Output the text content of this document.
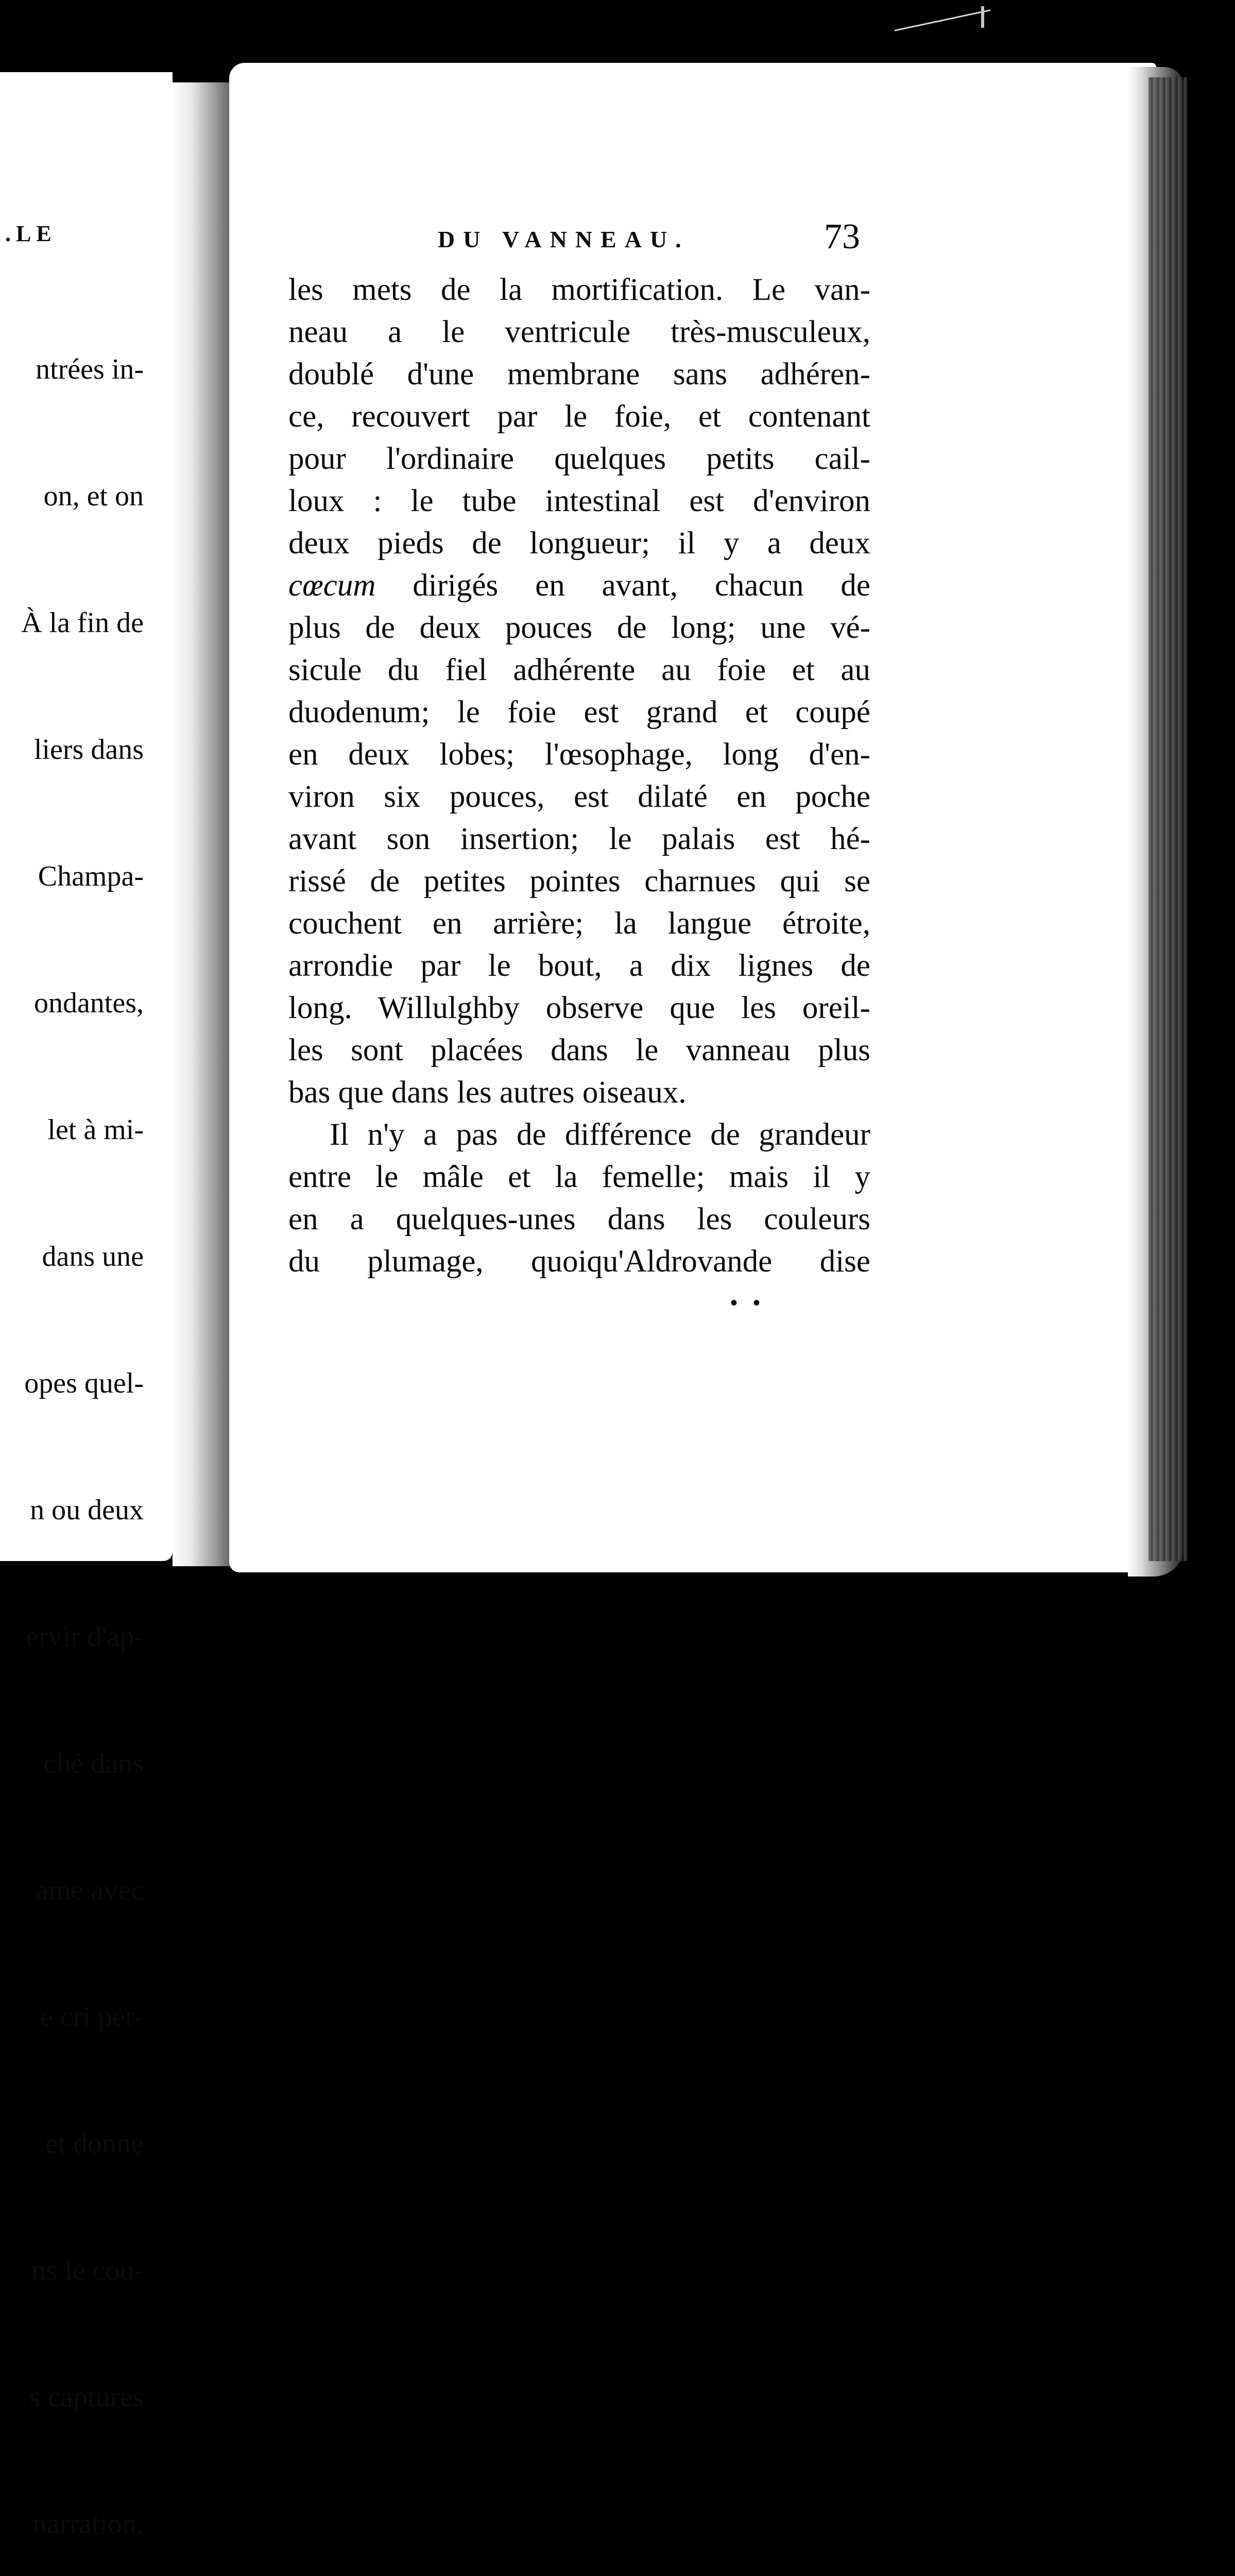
.LE

ntrées in-

on, et on

À la fin de

liers dans

Champa-

ondantes,

let à mi-

dans une

opes quel-

n ou deux

ervir d'ap-

ché dans

ame avec

e cri per-

et donne

ns le cou-

s captures

narration,

DU VANNEAU.	73
les mets de la mortification. Le van-
neau a le ventricule très-musculeux,
doublé d'une membrane sans adhéren-
ce, recouvert par le foie, et contenant
pour l'ordinaire quelques petits cail-
loux : le tube intestinal est d'environ
deux pieds de longueur; il y a deux
cœcum dirigés en avant, chacun de
plus de deux pouces de long; une vé-
sicule du fiel adhérente au foie et au
duodenum; le foie est grand et coupé
en deux lobes; l'œsophage, long d'en-
viron six pouces, est dilaté en poche
avant son insertion; le palais est hé-
rissé de petites pointes charnues qui se
couchent en arrière; la langue étroite,
arrondie par le bout, a dix lignes de
long. Willulghby observe que les oreil-
les sont placées dans le vanneau plus
bas que dans les autres oiseaux.
Il n'y a pas de différence de grandeur
entre le mâle et la femelle; mais il y
en a quelques-unes dans les couleurs
du plumage, quoiqu'Aldrovande dise
• •
